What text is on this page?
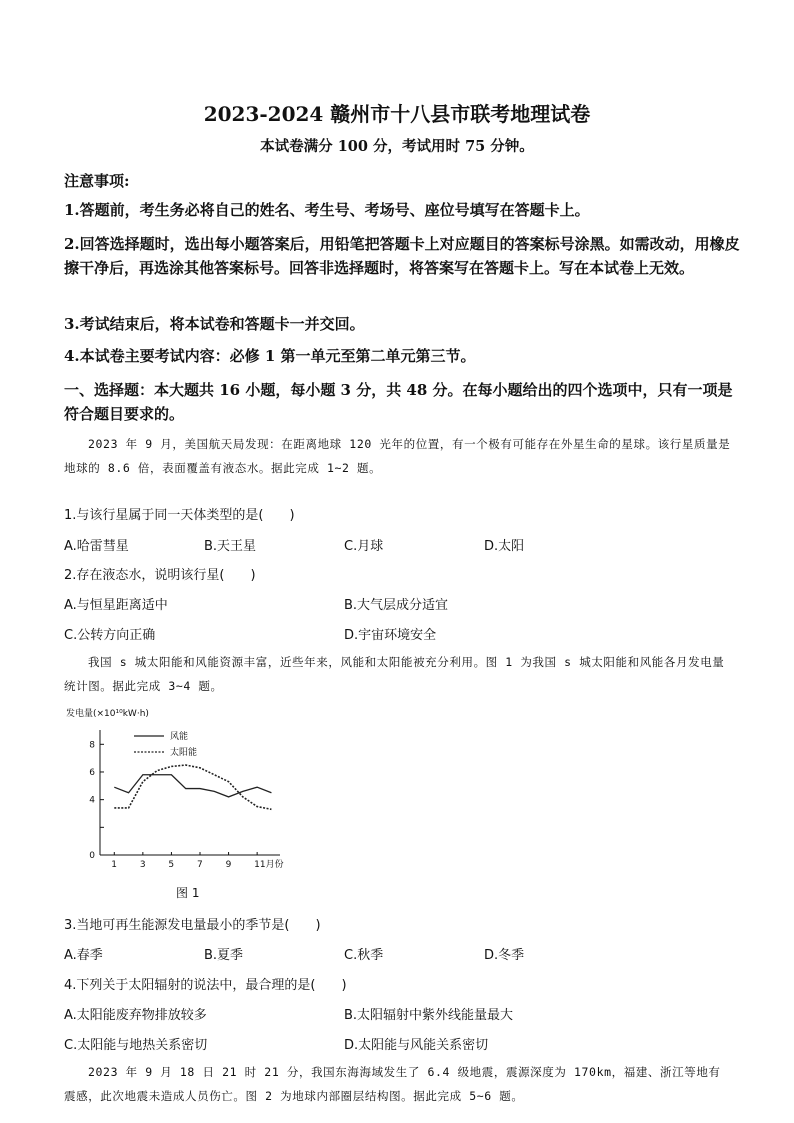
2023-2024 赣州市十八县市联考地理试卷
本试卷满分 100 分，考试用时 75 分钟。
注意事项:
1.答题前，考生务必将自己的姓名、考生号、考场号、座位号填写在答题卡上。
2.回答选择题时，选出每小题答案后，用铅笔把答题卡上对应题目的答案标号涂黑。如需改动，用橡皮擦干净后，再选涂其他答案标号。回答非选择题时，将答案写在答题卡上。写在本试卷上无效。
3.考试结束后，将本试卷和答题卡一并交回。
4.本试卷主要考试内容：必修 1 第一单元至第二单元第三节。
一、选择题：本大题共 16 小题，每小题 3 分，共 48 分。在每小题给出的四个选项中，只有一项是符合题目要求的。
2023 年 9 月，美国航天局发现：在距离地球 120 光年的位置，有一个极有可能存在外星生命的星球。该行星质量是地球的 8.6 倍，表面覆盖有液态水。据此完成 1~2 题。
1.与该行星属于同一天体类型的是(　　)
A.哈雷彗星	B.天王星	C.月球	D.太阳
2.存在液态水，说明该行星(　　)
A.与恒星距离适中	B.大气层成分适宜
C.公转方向正确	D.宇宙环境安全
我国 s 城太阳能和风能资源丰富，近些年来，风能和太阳能被充分利用。图 1 为我国 s 城太阳能和风能各月发电量统计图。据此完成 3~4 题。
发电量(×10¹⁰kW·h)
0
4
6
8
1	3	5	7	9	11月份
风能
太阳能
图 1
3.当地可再生能源发电量最小的季节是(　　)
A.春季	B.夏季	C.秋季	D.冬季
4.下列关于太阳辐射的说法中，最合理的是(　　)
A.太阳能废弃物排放较多	B.太阳辐射中紫外线能量最大
C.太阳能与地热关系密切	D.太阳能与风能关系密切
2023 年 9 月 18 日 21 时 21 分，我国东海海域发生了 6.4 级地震，震源深度为 170km，福建、浙江等地有震感，此次地震未造成人员伤亡。图 2 为地球内部圈层结构图。据此完成 5~6 题。
